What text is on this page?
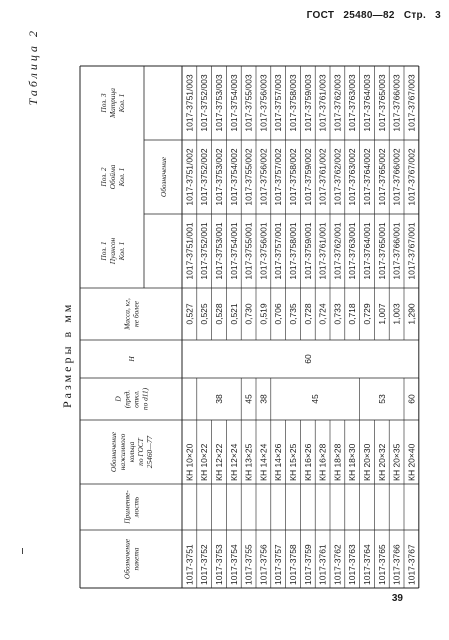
ГОСТ 25480—82 Стр. 3
Таблица 2
Размеры в мм
Обозначение пакета
Применяе- мость
Обозначение нажимного кольца по ГОСТ 25460—77
D (пред. откл. по d11)
H
Масса, кг, не более
Поз. 1 Пуансон Кол. 1
Поз. 2 Обойма Кол. 1
Поз. 3 Матрица Кол. 1
Обозначение
1017-3751
КН 10×20
0,527
1017-3751/001
1017-3751/002
1017-3751/003
1017-3752
КН 10×22
0,525
1017-3752/001
1017-3752/002
1017-3752/003
1017-3753
КН 12×22
0,528
1017-3753/001
1017-3753/002
1017-3753/003
1017-3754
КН 12×24
0,521
1017-3754/001
1017-3754/002
1017-3754/003
1017-3755
КН 13×25
0,730
1017-3755/001
1017-3755/002
1017-3755/003
1017-3756
КН 14×24
0,519
1017-3756/001
1017-3756/002
1017-3756/003
1017-3757
КН 14×26
0,706
1017-3757/001
1017-3757/002
1017-3757/003
1017-3758
КН 15×25
0,735
1017-3758/001
1017-3758/002
1017-3758/003
1017-3759
КН 16×26
0,728
1017-3759/001
1017-3759/002
1017-3759/003
1017-3761
КН 16×28
0,724
1017-3761/001
1017-3761/002
1017-3761/003
1017-3762
КН 18×28
0,733
1017-3762/001
1017-3762/002
1017-3762/003
1017-3763
КН 18×30
0,718
1017-3763/001
1017-3763/002
1017-3763/003
1017-3764
КН 20×30
0,729
1017-3764/001
1017-3764/002
1017-3764/003
1017-3765
КН 20×32
1,007
1017-3765/001
1017-3765/002
1017-3765/003
1017-3766
КН 20×35
1,003
1017-3766/001
1017-3766/002
1017-3766/003
1017-3767
КН 20×40
1,290
1017-3767/001
1017-3767/002
1017-3767/003
38 45 38	45	53 60
60
39
